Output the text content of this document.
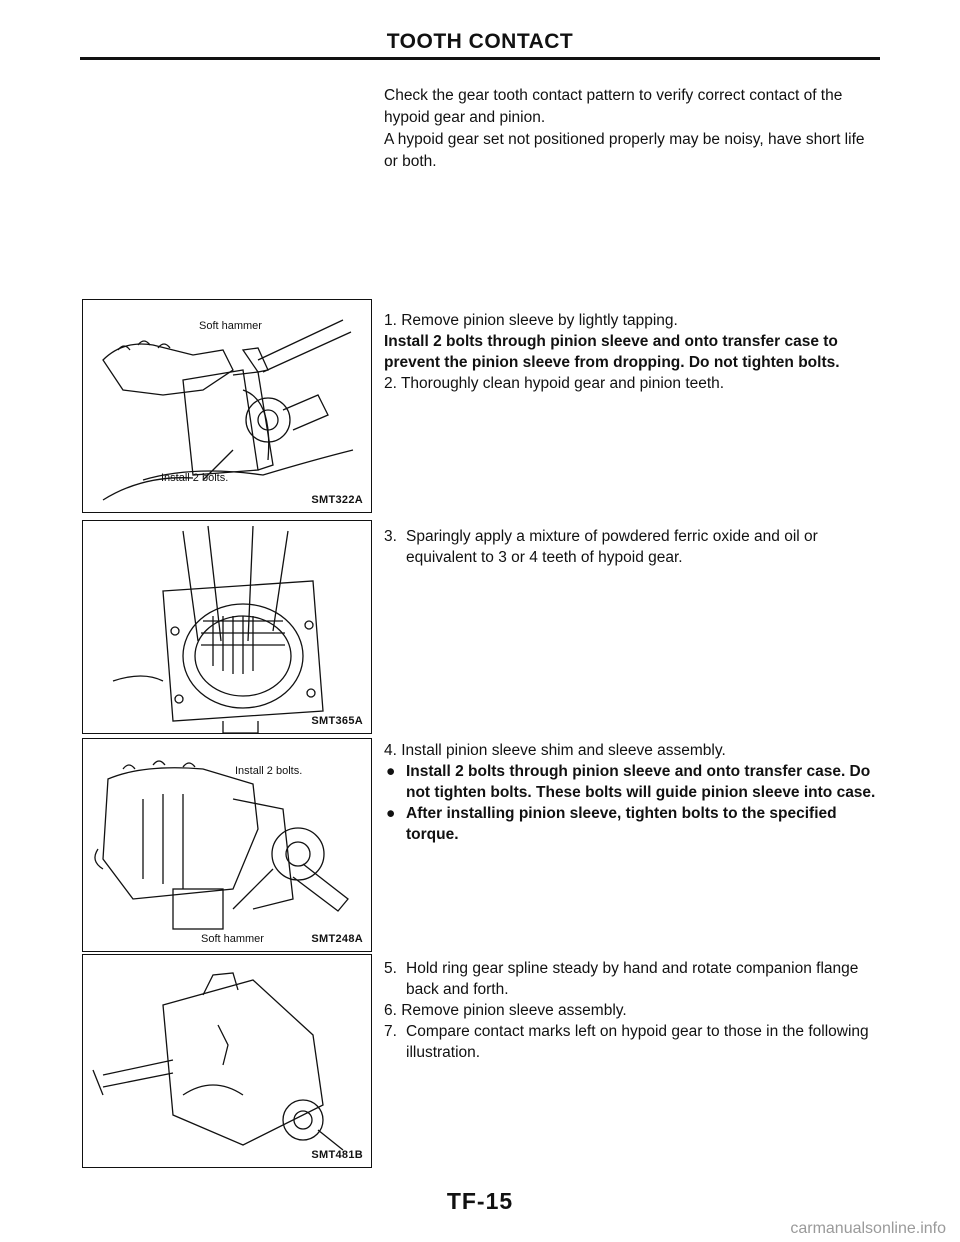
TOOTH CONTACT

Check the gear tooth contact pattern to verify correct contact of the hypoid gear and pinion.

A hypoid gear set not positioned properly may be noisy, have short life or both.

Soft hammer
Install 2 bolts.
SMT322A
SMT365A
Install 2 bolts.
Soft hammer	SMT248A
SMT481B

1. Remove pinion sleeve by lightly tapping.

Install 2 bolts through pinion sleeve and onto transfer case to prevent the pinion sleeve from dropping. Do not tighten bolts.

2. Thoroughly clean hypoid gear and pinion teeth.

3. Sparingly apply a mixture of powdered ferric oxide and oil or equivalent to 3 or 4 teeth of hypoid gear.

4. Install pinion sleeve shim and sleeve assembly.

● Install 2 bolts through pinion sleeve and onto transfer case. Do not tighten bolts. These bolts will guide pinion sleeve into case.

● After installing pinion sleeve, tighten bolts to the specified torque.

5. Hold ring gear spline steady by hand and rotate companion flange back and forth.

6. Remove pinion sleeve assembly.

7. Compare contact marks left on hypoid gear to those in the following illustration.

TF-15
carmanualsonline.info
